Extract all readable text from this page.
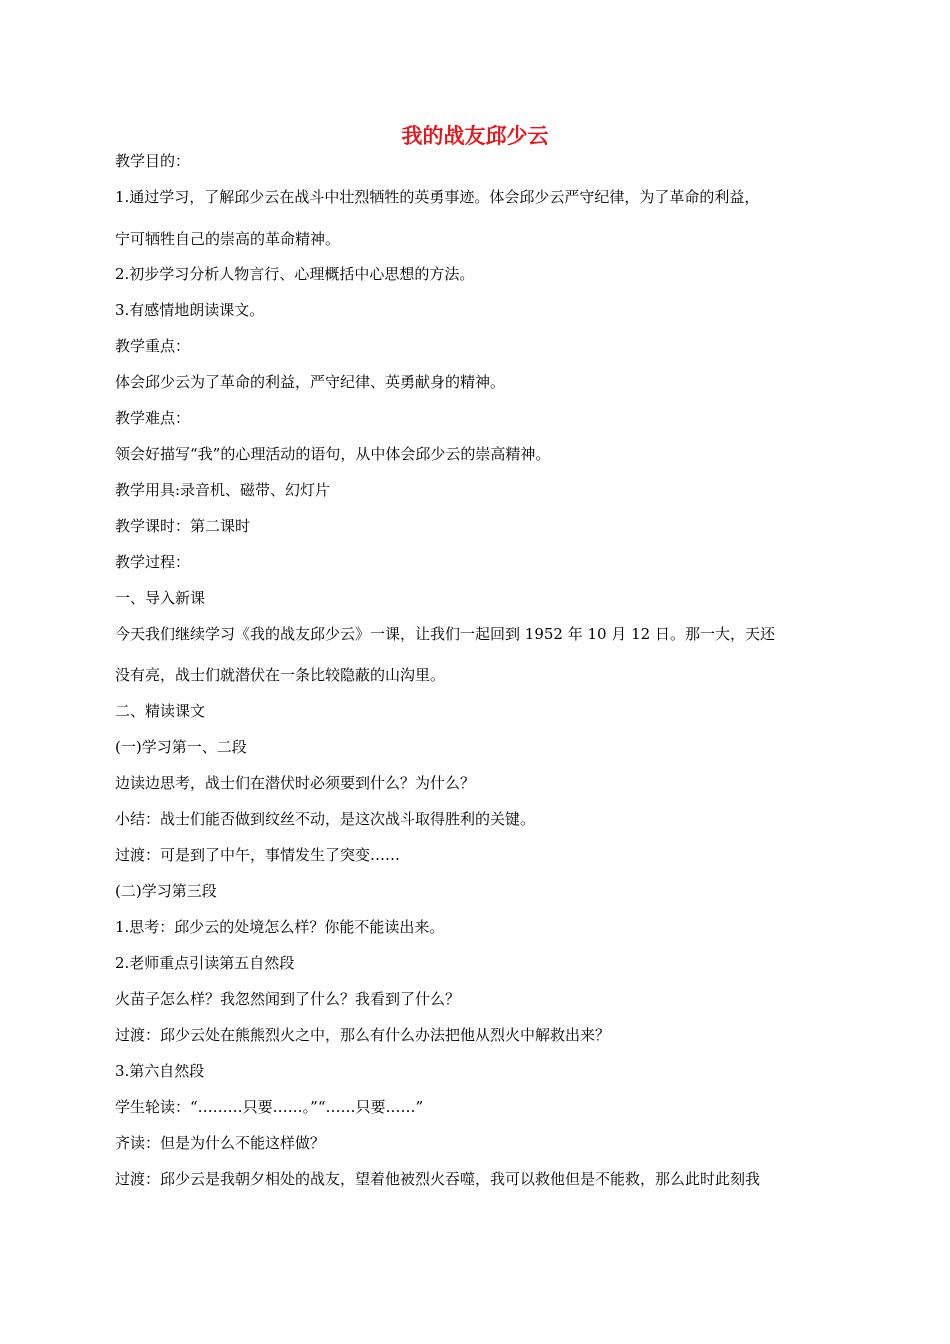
我的战友邱少云
教学目的：
1.通过学习，了解邱少云在战斗中壮烈牺牲的英勇事迹。体会邱少云严守纪律，为了革命的利益，
宁可牺牲自己的崇高的革命精神。
2.初步学习分析人物言行、心理概括中心思想的方法。
3.有感情地朗读课文。
教学重点：
体会邱少云为了革命的利益，严守纪律、英勇献身的精神。
教学难点：
领会好描写“我”的心理活动的语句，从中体会邱少云的崇高精神。
教学用具:录音机、磁带、幻灯片
教学课时：第二课时
教学过程：
一、导入新课
今天我们继续学习《我的战友邱少云》一课，让我们一起回到 1952 年 10 月 12 日。那一大，天还
没有亮，战士们就潜伏在一条比较隐蔽的山沟里。
二、精读课文
(一)学习第一、二段
边读边思考，战士们在潜伏时必须要到什么？为什么？
小结：战士们能否做到纹丝不动，是这次战斗取得胜利的关键。
过渡：可是到了中午，事情发生了突变……
(二)学习第三段
1.思考：邱少云的处境怎么样？你能不能读出来。
2.老师重点引读第五自然段
火苗子怎么样？我忽然闻到了什么？我看到了什么？
过渡：邱少云处在熊熊烈火之中，那么有什么办法把他从烈火中解救出来？
3.第六自然段
学生轮读：“………只要……。”“……只要……”
齐读：但是为什么不能这样做？
过渡：邱少云是我朝夕相处的战友，望着他被烈火吞噬，我可以救他但是不能救，那么此时此刻我
